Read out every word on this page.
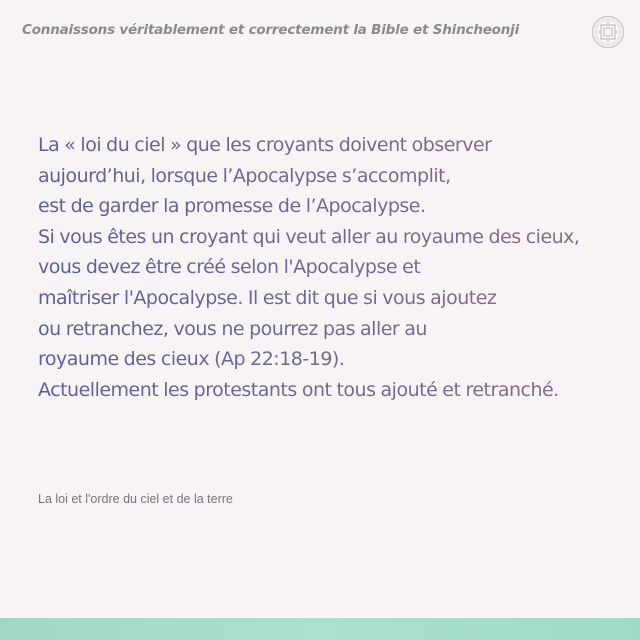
Connaissons véritablement et correctement la Bible et Shincheonji
La « loi du ciel » que les croyants doivent observer
aujourd’hui, lorsque l’Apocalypse s’accomplit,
est de garder la promesse de l’Apocalypse.
Si vous êtes un croyant qui veut aller au royaume des cieux,
vous devez être créé selon l'Apocalypse et
maîtriser l'Apocalypse. Il est dit que si vous ajoutez
ou retranchez, vous ne pourrez pas aller au
royaume des cieux (Ap 22:18-19).
Actuellement les protestants ont tous ajouté et retranché.
La loi et l'ordre du ciel et de la terre
